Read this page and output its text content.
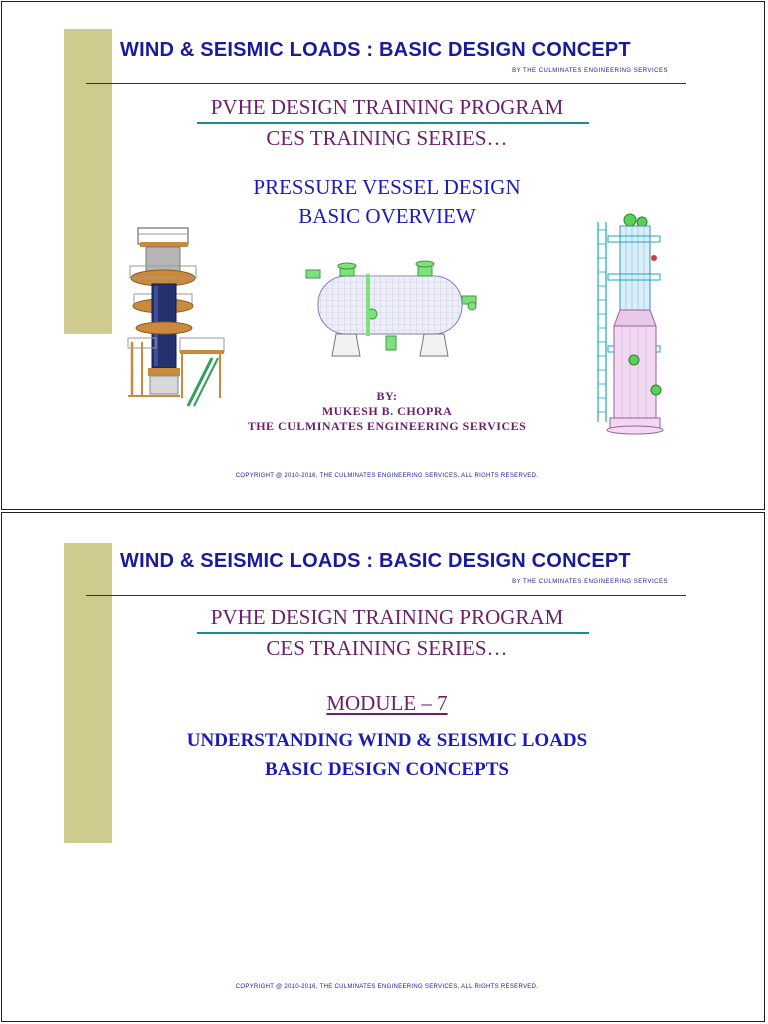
WIND & SEISMIC LOADS : BASIC DESIGN CONCEPT
BY THE CULMINATES ENGINEERING SERVICES
PVHE DESIGN TRAINING PROGRAM
CES TRAINING SERIES…
PRESSURE VESSEL DESIGN
BASIC OVERVIEW
BY:
MUKESH B. CHOPRA
THE CULMINATES ENGINEERING SERVICES
COPYRIGHT @ 2010-2016, THE CULMINATES ENGINEERING SERVICES, ALL RIGHTS RESERVED.
WIND & SEISMIC LOADS : BASIC DESIGN CONCEPT
BY THE CULMINATES ENGINEERING SERVICES
PVHE DESIGN TRAINING PROGRAM
CES TRAINING SERIES…
MODULE – 7
UNDERSTANDING WIND & SEISMIC LOADS
BASIC DESIGN CONCEPTS
COPYRIGHT @ 2010-2016, THE CULMINATES ENGINEERING SERVICES, ALL RIGHTS RESERVED.
